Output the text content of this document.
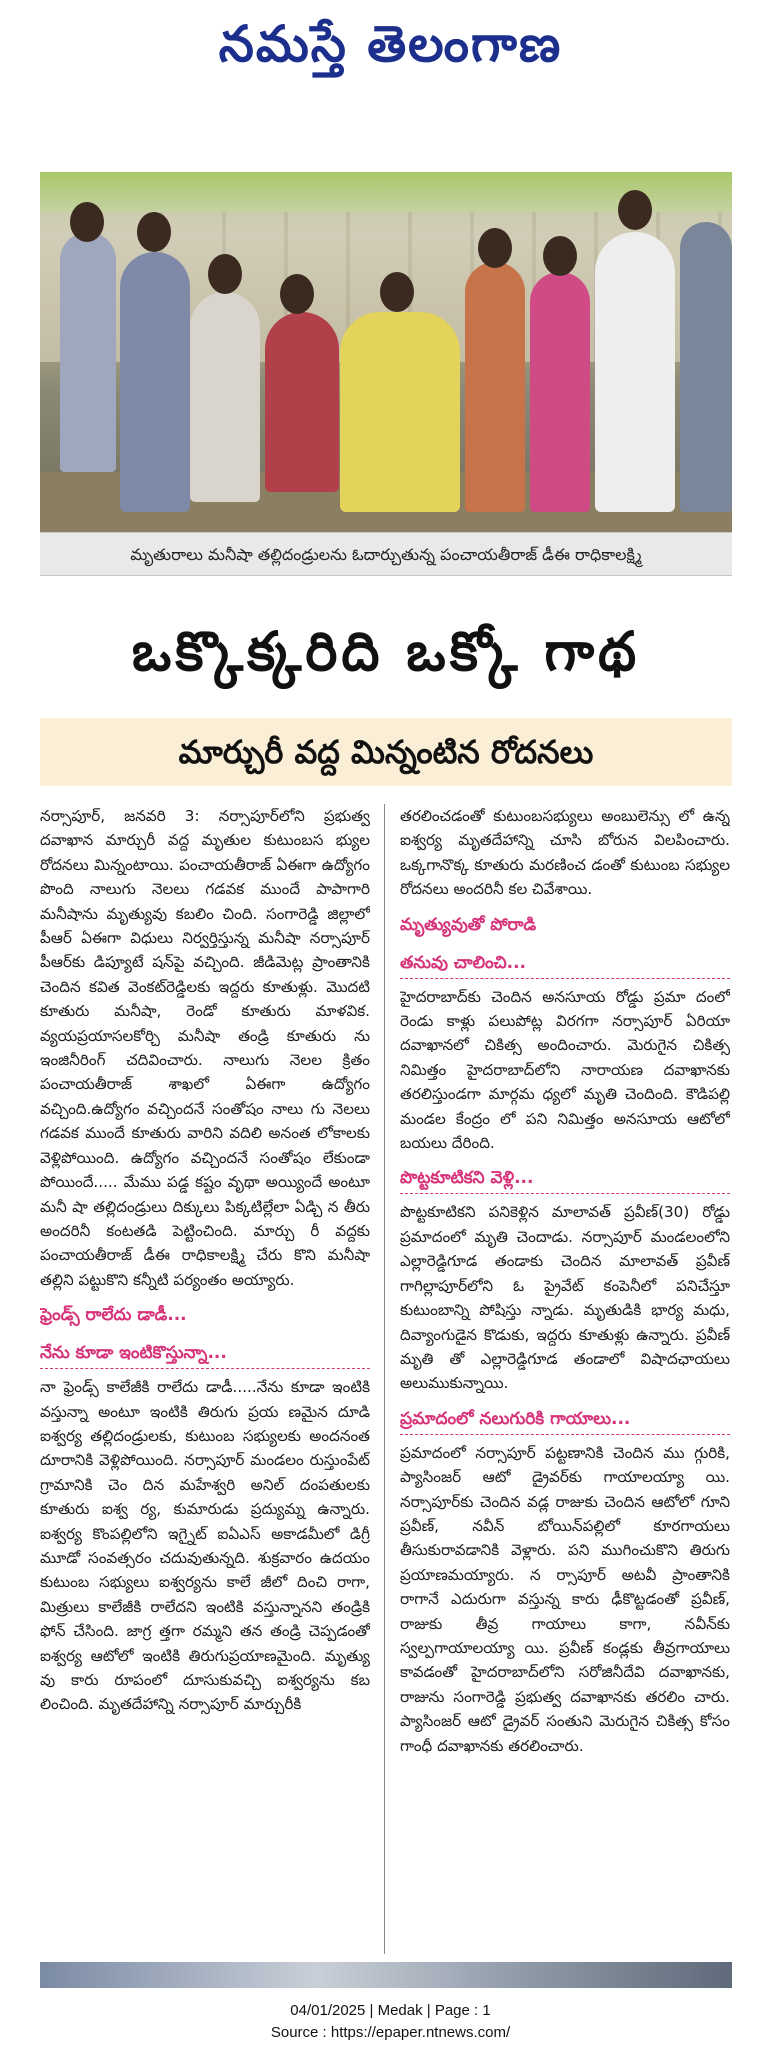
నమస్తే తెలంగాణ
మృతురాలు మనీషా తల్లిదండ్రులను ఓదార్చుతున్న పంచాయతీరాజ్ డీఈ రాధికాలక్ష్మి
ఒక్కొక్కరిది ఒక్కో గాథ
మార్చురీ వద్ద మిన్నంటిన రోదనలు

నర్సాపూర్, జనవరి 3: నర్సాపూర్‌లోని ప్రభుత్వ దవాఖాన మార్చురీ వద్ద మృతుల కుటుంబస భ్యుల రోదనలు మిన్నంటాయి. పంచాయతీరాజ్ ఏఈగా ఉద్యోగం పొంది నాలుగు నెలలు గడవక ముందే పాపాగారి మనీషాను మృత్యువు కబలిం చింది. సంగారెడ్డి జిల్లాలో పీఆర్ ఏఈగా విధులు నిర్వర్తిస్తున్న మనీషా నర్సాపూర్ పీఆర్‌కు డిప్యూటే షన్‌పై వచ్చింది. జీడిమెట్ల ప్రాంతానికి చెందిన కవిత వెంకట్‌రెడ్డిలకు ఇద్దరు కూతుళ్లు. మొదటి కూతురు మనీషా, రెండో కూతురు మాళవిక. వ్యయప్రయాసలకోర్చి మనీషా తండ్రి కూతురు ను ఇంజినీరింగ్ చదివించారు. నాలుగు నెలల క్రితం పంచాయతీరాజ్ శాఖలో ఏఈగా ఉద్యోగం వచ్చింది.ఉద్యోగం వచ్చిందనే సంతోషం నాలు గు నెలలు గడవక ముందే కూతురు వారిని వదిలి అనంత లోకాలకు వెళ్లిపోయింది. ఉద్యోగం వచ్చిందనే సంతోషం లేకుండా పోయిందే..... మేము పడ్డ కష్టం వృథా అయ్యిందే అంటూ మనీ షా తల్లిదండ్రులు దిక్కులు పిక్కటిల్లేలా ఏడ్చి న తీరు అందరినీ కంటతడి పెట్టించింది. మార్చు రీ వద్దకు పంచాయతీరాజ్ డీఈ రాధికాలక్ష్మి చేరు కొని మనీషా తల్లిని పట్టుకొని కన్నీటి పర్యంతం అయ్యారు.

ఫ్రెండ్స్ రాలేదు డాడీ...
నేను కూడా ఇంటికొస్తున్నా...

నా ఫ్రెండ్స్ కాలేజీకి రాలేదు డాడీ.....నేను కూడా ఇంటికి వస్తున్నా అంటూ ఇంటికి తిరుగు ప్రయ ణమైన దూడి ఐశ్వర్య తల్లిదండ్రులకు, కుటుంబ సభ్యులకు అందనంత దూరానికి వెళ్లిపోయింది. నర్సాపూర్ మండలం రుస్తుంపేట్ గ్రామానికి చెం దిన మహేశ్వరి అనిల్ దంపతులకు కూతురు ఐశ్వ ర్య, కుమారుడు ప్రద్యుమ్న ఉన్నారు. ఐశ్వర్య కొంపల్లిలోని ఇగ్నైట్ ఐఏఎస్ అకాడమీలో డిగ్రీ మూడో సంవత్సరం చదువుతున్నది. శుక్రవారం ఉదయం కుటుంబ సభ్యులు ఐశ్వర్యను కాలే జీలో దించి రాగా, మిత్రులు కాలేజీకి రాలేదని ఇంటికి వస్తున్నానని తండ్రికి ఫోన్ చేసింది. జాగ్ర త్తగా రమ్మని తన తండ్రి చెప్పడంతో ఐశ్వర్య ఆటోలో ఇంటికి తిరుగుప్రయాణమైంది. మృత్యు వు కారు రూపంలో దూసుకువచ్చి ఐశ్వర్యను కబ లించింది. మృతదేహాన్ని నర్సాపూర్ మార్చురీకి

తరలించడంతో కుటుంబసభ్యులు అంబులెన్సు లో ఉన్న ఐశ్వర్య మృతదేహాన్ని చూసి బోరున విలపించారు. ఒక్కగానొక్క కూతురు మరణించ డంతో కుటుంబ సభ్యుల రోదనలు అందరినీ కల చివేశాయి.

మృత్యువుతో పోరాడి
తనువు చాలించి...

హైదరాబాద్‌కు చెందిన అనసూయ రోడ్డు ప్రమా దంలో రెండు కాళ్లు పలుపోట్ల విరగగా నర్సాపూర్ ఏరియా దవాఖానలో చికిత్స అందించారు. మెరుగైన చికిత్స నిమిత్తం హైదరాబాద్‌లోని నారాయణ దవాఖానకు తరలిస్తుండగా మార్గమ ధ్యలో మృతి చెందింది. కౌడిపల్లి మండల కేంద్రం లో పని నిమిత్తం అనసూయ ఆటోలో బయలు దేరింది.

పొట్టకూటికని వెళ్లి...

పొట్టకూటికని పనికెళ్లిన మాలావత్ ప్రవీణ్(30) రోడ్డు ప్రమాదంలో మృతి చెందాడు. నర్సాపూర్ మండలంలోని ఎల్లారెడ్డిగూడ తండాకు చెందిన మాలావత్ ప్రవీణ్ గాగిల్లాపూర్‌లోని ఓ ప్రైవేట్ కంపెనీలో పనిచేస్తూ కుటుంబాన్ని పోషిస్తు న్నాడు. మృతుడికి భార్య మధు, దివ్యాంగుడైన కొడుకు, ఇద్దరు కూతుళ్లు ఉన్నారు. ప్రవీణ్ మృతి తో ఎల్లారెడ్డిగూడ తండాలో విషాదఛాయలు అలుముకున్నాయి.

ప్రమాదంలో నలుగురికి గాయాలు...

ప్రమాదంలో నర్సాపూర్ పట్టణానికి చెందిన ము గ్గురికి, ప్యాసింజర్ ఆటో డ్రైవర్‌కు గాయాలయ్యా యి. నర్సాపూర్‌కు చెందిన వడ్ల రాజుకు చెందిన ఆటోలో గూని ప్రవీణ్, నవీన్ బోయిన్‌పల్లిలో కూరగాయలు తీసుకురావడానికి వెళ్లారు. పని ముగించుకొని తిరుగు ప్రయాణమయ్యారు. న ర్సాపూర్ అటవీ ప్రాంతానికి రాగానే ఎదురుగా వస్తున్న కారు ఢీకొట్టడంతో ప్రవీణ్, రాజుకు తీవ్ర గాయాలు కాగా, నవీన్‌కు స్వల్పగాయాలయ్యా యి. ప్రవీణ్ కండ్లకు తీవ్రగాయాలు కావడంతో హైదరాబాద్‌లోని సరోజినీదేవి దవాఖానకు, రాజును సంగారెడ్డి ప్రభుత్వ దవాఖానకు తరలిం చారు. ప్యాసింజర్ ఆటో డ్రైవర్ సంతుని మెరుగైన చికిత్స కోసం గాంధీ దవాఖానకు తరలించారు.

04/01/2025 | Medak | Page : 1
Source : https://epaper.ntnews.com/
